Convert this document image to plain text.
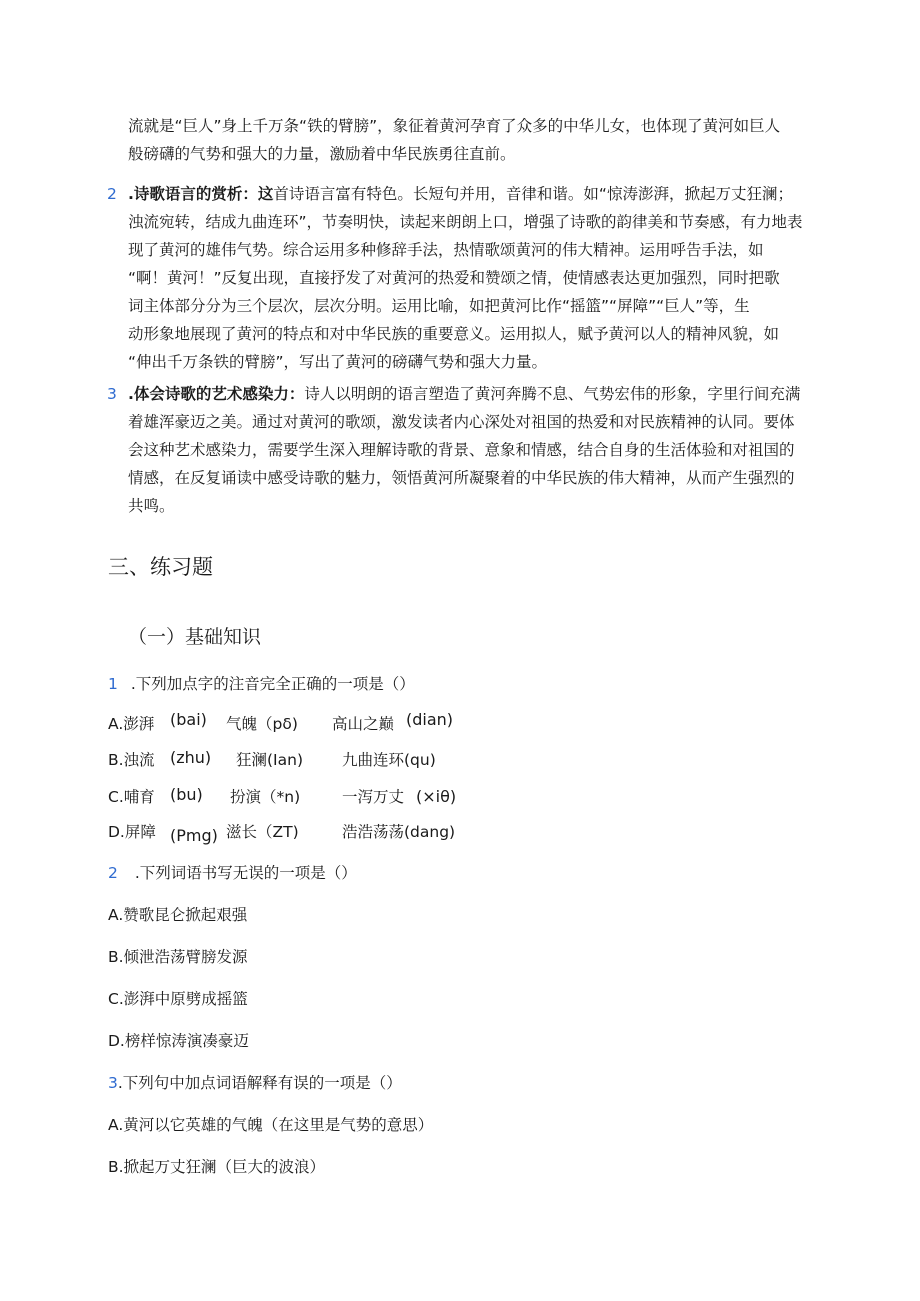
流就是“巨人”身上千万条“铁的臂膀”，象征着黄河孕育了众多的中华儿女，也体现了黄河如巨人
般磅礴的气势和强大的力量，激励着中华民族勇往直前。
2 .诗歌语言的赏析：这首诗语言富有特色。长短句并用，音律和谐。如“惊涛澎湃，掀起万丈狂澜；
浊流宛转，结成九曲连环”，节奏明快，读起来朗朗上口，增强了诗歌的韵律美和节奏感，有力地表
现了黄河的雄伟气势。综合运用多种修辞手法，热情歌颂黄河的伟大精神。运用呼告手法，如
“啊！黄河！”反复出现，直接抒发了对黄河的热爱和赞颂之情，使情感表达更加强烈，同时把歌
词主体部分分为三个层次，层次分明。运用比喻，如把黄河比作“摇篮”“屏障”“巨人”等，生
动形象地展现了黄河的特点和对中华民族的重要意义。运用拟人，赋予黄河以人的精神风貌，如
“伸出千万条铁的臂膀”，写出了黄河的磅礴气势和强大力量。
3 .体会诗歌的艺术感染力：诗人以明朗的语言塑造了黄河奔腾不息、气势宏伟的形象，字里行间充满
着雄浑豪迈之美。通过对黄河的歌颂，激发读者内心深处对祖国的热爱和对民族精神的认同。要体
会这种艺术感染力，需要学生深入理解诗歌的背景、意象和情感，结合自身的生活体验和对祖国的
情感，在反复诵读中感受诗歌的魅力，领悟黄河所凝聚着的中华民族的伟大精神，从而产生强烈的
共鸣。
三、练习题
（一）基础知识
1 .下列加点字的注音完全正确的一项是（）
A.澎湃 (bai) 气魄（pδ) 高山之巅 (dian)
B.浊流 (zhu) 狂澜(Ian)	九曲连环(qu)
C.哺育 (bu) 扮演（*n)	一泻万丈 (×iθ)
D.屏障 (Pmg) 滋长（ZT)	浩浩荡荡(dang)
2 .下列词语书写无误的一项是（）
A.赞歌昆仑掀起艰强
B.倾泄浩荡臂膀发源
C.澎湃中原劈成摇篮
D.榜样惊涛演凑豪迈
3.下列句中加点词语解释有误的一项是（）
A.黄河以它英雄的气魄（在这里是气势的意思）
B.掀起万丈狂澜（巨大的波浪）
